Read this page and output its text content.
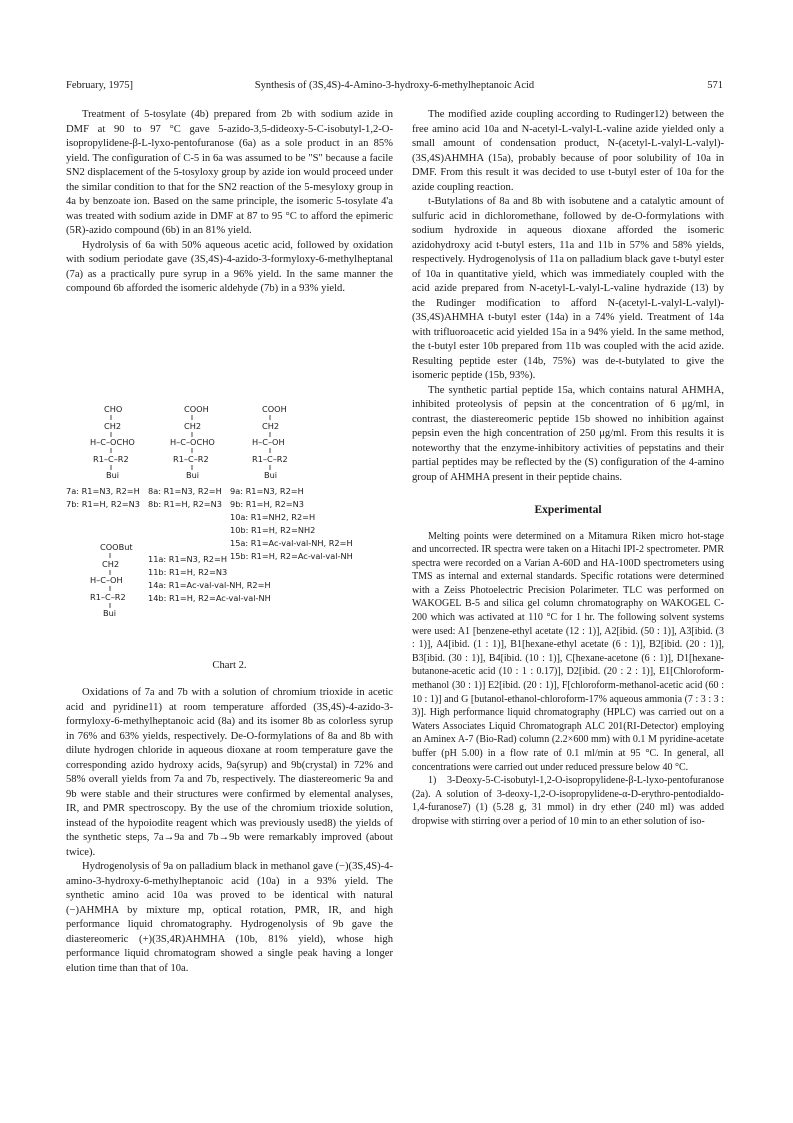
February, 1975]	Synthesis of (3S,4S)-4-Amino-3-hydroxy-6-methylheptanoic Acid	571

Treatment of 5-tosylate (4b) prepared from 2b with sodium azide in DMF at 90 to 97 °C gave 5-azido-3,5-dideoxy-5-C-isobutyl-1,2-O-isopropylidene-β-L-lyxo-pentofuranose (6a) as a sole product in an 85% yield. The configuration of C-5 in 6a was assumed to be "S" because a facile SN2 displacement of the 5-tosyloxy group by azide ion would proceed under the similar condition to that for the SN2 reaction of the 5-mesyloxy group in 4a by benzoate ion. Based on the same principle, the isomeric 5-tosylate 4'a was treated with sodium azide in DMF at 87 to 95 °C to afford the epimeric (5R)-azido compound (6b) in an 81% yield.

Hydrolysis of 6a with 50% aqueous acetic acid, followed by oxidation with sodium periodate gave (3S,4S)-4-azido-3-formyloxy-6-methylheptanal (7a) as a practically pure syrup in a 96% yield. In the same manner the compound 6b afforded the isomeric aldehyde (7b) in a 93% yield.

CHO
CH2
H–C–OCHO
R1–C–R2
Bui
COOH
CH2
H–C–OCHO
R1–C–R2
Bui
COOH
CH2
H–C–OH
R1–C–R2
Bui
7a: R1=N3, R2=H
7b: R1=H, R2=N3
8a: R1=N3, R2=H
8b: R1=H, R2=N3
9a: R1=N3, R2=H
9b: R1=H, R2=N3
10a: R1=NH2, R2=H
10b: R1=H, R2=NH2
15a: R1=Ac-val-val-NH, R2=H
15b: R1=H, R2=Ac-val-val-NH
COOBut
CH2
H–C–OH
R1–C–R2
Bui
11a: R1=N3, R2=H
11b: R1=H, R2=N3
14a: R1=Ac-val-val-NH, R2=H
14b: R1=H, R2=Ac-val-val-NH
Chart 2.

Oxidations of 7a and 7b with a solution of chromium trioxide in acetic acid and pyridine11) at room temperature afforded (3S,4S)-4-azido-3-formyloxy-6-methylheptanoic acid (8a) and its isomer 8b as colorless syrup in 76% and 63% yields, respectively. De-O-formylations of 8a and 8b with dilute hydrogen chloride in aqueous dioxane at room temperature gave the corresponding azido hydroxy acids, 9a(syrup) and 9b(crystal) in 72% and 58% overall yields from 7a and 7b, respectively. The diastereomeric 9a and 9b were stable and their structures were confirmed by elemental analyses, IR, and PMR spectroscopy. By the use of the chromium trioxide solution, instead of the hypoiodite reagent which was previously used8) the yields of the synthetic steps, 7a→9a and 7b→9b were remarkably improved (about twice).

Hydrogenolysis of 9a on palladium black in methanol gave (−)(3S,4S)-4-amino-3-hydroxy-6-methylheptanoic acid (10a) in a 93% yield. The synthetic amino acid 10a was proved to be identical with natural (−)AHMHA by mixture mp, optical rotation, PMR, IR, and high performance liquid chromatography. Hydrogenolysis of 9b gave the diastereomeric (+)(3S,4R)AHMHA (10b, 81% yield), whose high performance liquid chromatogram showed a single peak having a longer elution time than that of 10a.

The modified azide coupling according to Rudinger12) between the free amino acid 10a and N-acetyl-L-valyl-L-valine azide yielded only a small amount of condensation product, N-(acetyl-L-valyl-L-valyl)-(3S,4S)AHMHA (15a), probably because of poor solubility of 10a in DMF. From this result it was decided to use t-butyl ester of 10a for the azide coupling reaction.

t-Butylations of 8a and 8b with isobutene and a catalytic amount of sulfuric acid in dichloromethane, followed by de-O-formylations with sodium hydroxide in aqueous dioxane afforded the isomeric azidohydroxy acid t-butyl esters, 11a and 11b in 57% and 58% yields, respectively. Hydrogenolysis of 11a on palladium black gave t-butyl ester of 10a in quantitative yield, which was immediately coupled with the acid azide prepared from N-acetyl-L-valyl-L-valine hydrazide (13) by the Rudinger modification to afford N-(acetyl-L-valyl-L-valyl)-(3S,4S)AHMHA t-butyl ester (14a) in a 74% yield. Treatment of 14a with trifluoroacetic acid yielded 15a in a 94% yield. In the same method, the t-butyl ester 10b prepared from 11b was coupled with the acid azide. Resulting peptide ester (14b, 75%) was de-t-butylated to give the isomeric peptide (15b, 93%).

The synthetic partial peptide 15a, which contains natural AHMHA, inhibited proteolysis of pepsin at the concentration of 6 μg/ml, in contrast, the diastereomeric peptide 15b showed no inhibition against pepsin even the high concentration of 250 μg/ml. From this results it is noteworthy that the enzyme-inhibitory activities of pepstatins and their partial peptides may be reflected by the (S) configuration of the 4-amino group of AHMHA present in their peptide chains.

Experimental

Melting points were determined on a Mitamura Riken micro hot-stage and uncorrected. IR spectra were taken on a Hitachi IPI-2 spectrometer. PMR spectra were recorded on a Varian A-60D and HA-100D spectrometers using TMS as internal and external standards. Specific rotations were determined with a Zeiss Photoelectric Precision Polarimeter. TLC was performed on WAKOGEL B-5 and silica gel column chromatography on WAKOGEL C-200 which was activated at 110 °C for 1 hr. The following solvent systems were used: A1 [benzene-ethyl acetate (12 : 1)], A2[ibid. (50 : 1)], A3[ibid. (3 : 1)], A4[ibid. (1 : 1)], B1[hexane-ethyl acetate (6 : 1)], B2[ibid. (20 : 1)], B3[ibid. (30 : 1)], B4[ibid. (10 : 1)], C[hexane-acetone (6 : 1)], D1[hexane-butanone-acetic acid (10 : 1 : 0.17)], D2[ibid. (20 : 2 : 1)], E1[Chloroform-methanol (30 : 1)] E2[ibid. (20 : 1)], F[chloroform-methanol-acetic acid (60 : 10 : 1)] and G [butanol-ethanol-chloroform-17% aqueous ammonia (7 : 3 : 3 : 3)]. High performance liquid chromatography (HPLC) was carried out on a Waters Associates Liquid Chromatograph ALC 201(RI-Detector) employing an Aminex A-7 (Bio-Rad) column (2.2×600 mm) with 0.1 M pyridine-acetate buffer (pH 5.00) in a flow rate of 0.1 ml/min at 95 °C. In general, all concentrations were carried out under reduced pressure below 40 °C.

1) 3-Deoxy-5-C-isobutyl-1,2-O-isopropylidene-β-L-lyxo-pentofuranose (2a). A solution of 3-deoxy-1,2-O-isopropylidene-α-D-erythro-pentodialdo-1,4-furanose7) (1) (5.28 g, 31 mmol) in dry ether (240 ml) was added dropwise with stirring over a period of 10 min to an ether solution of iso-
